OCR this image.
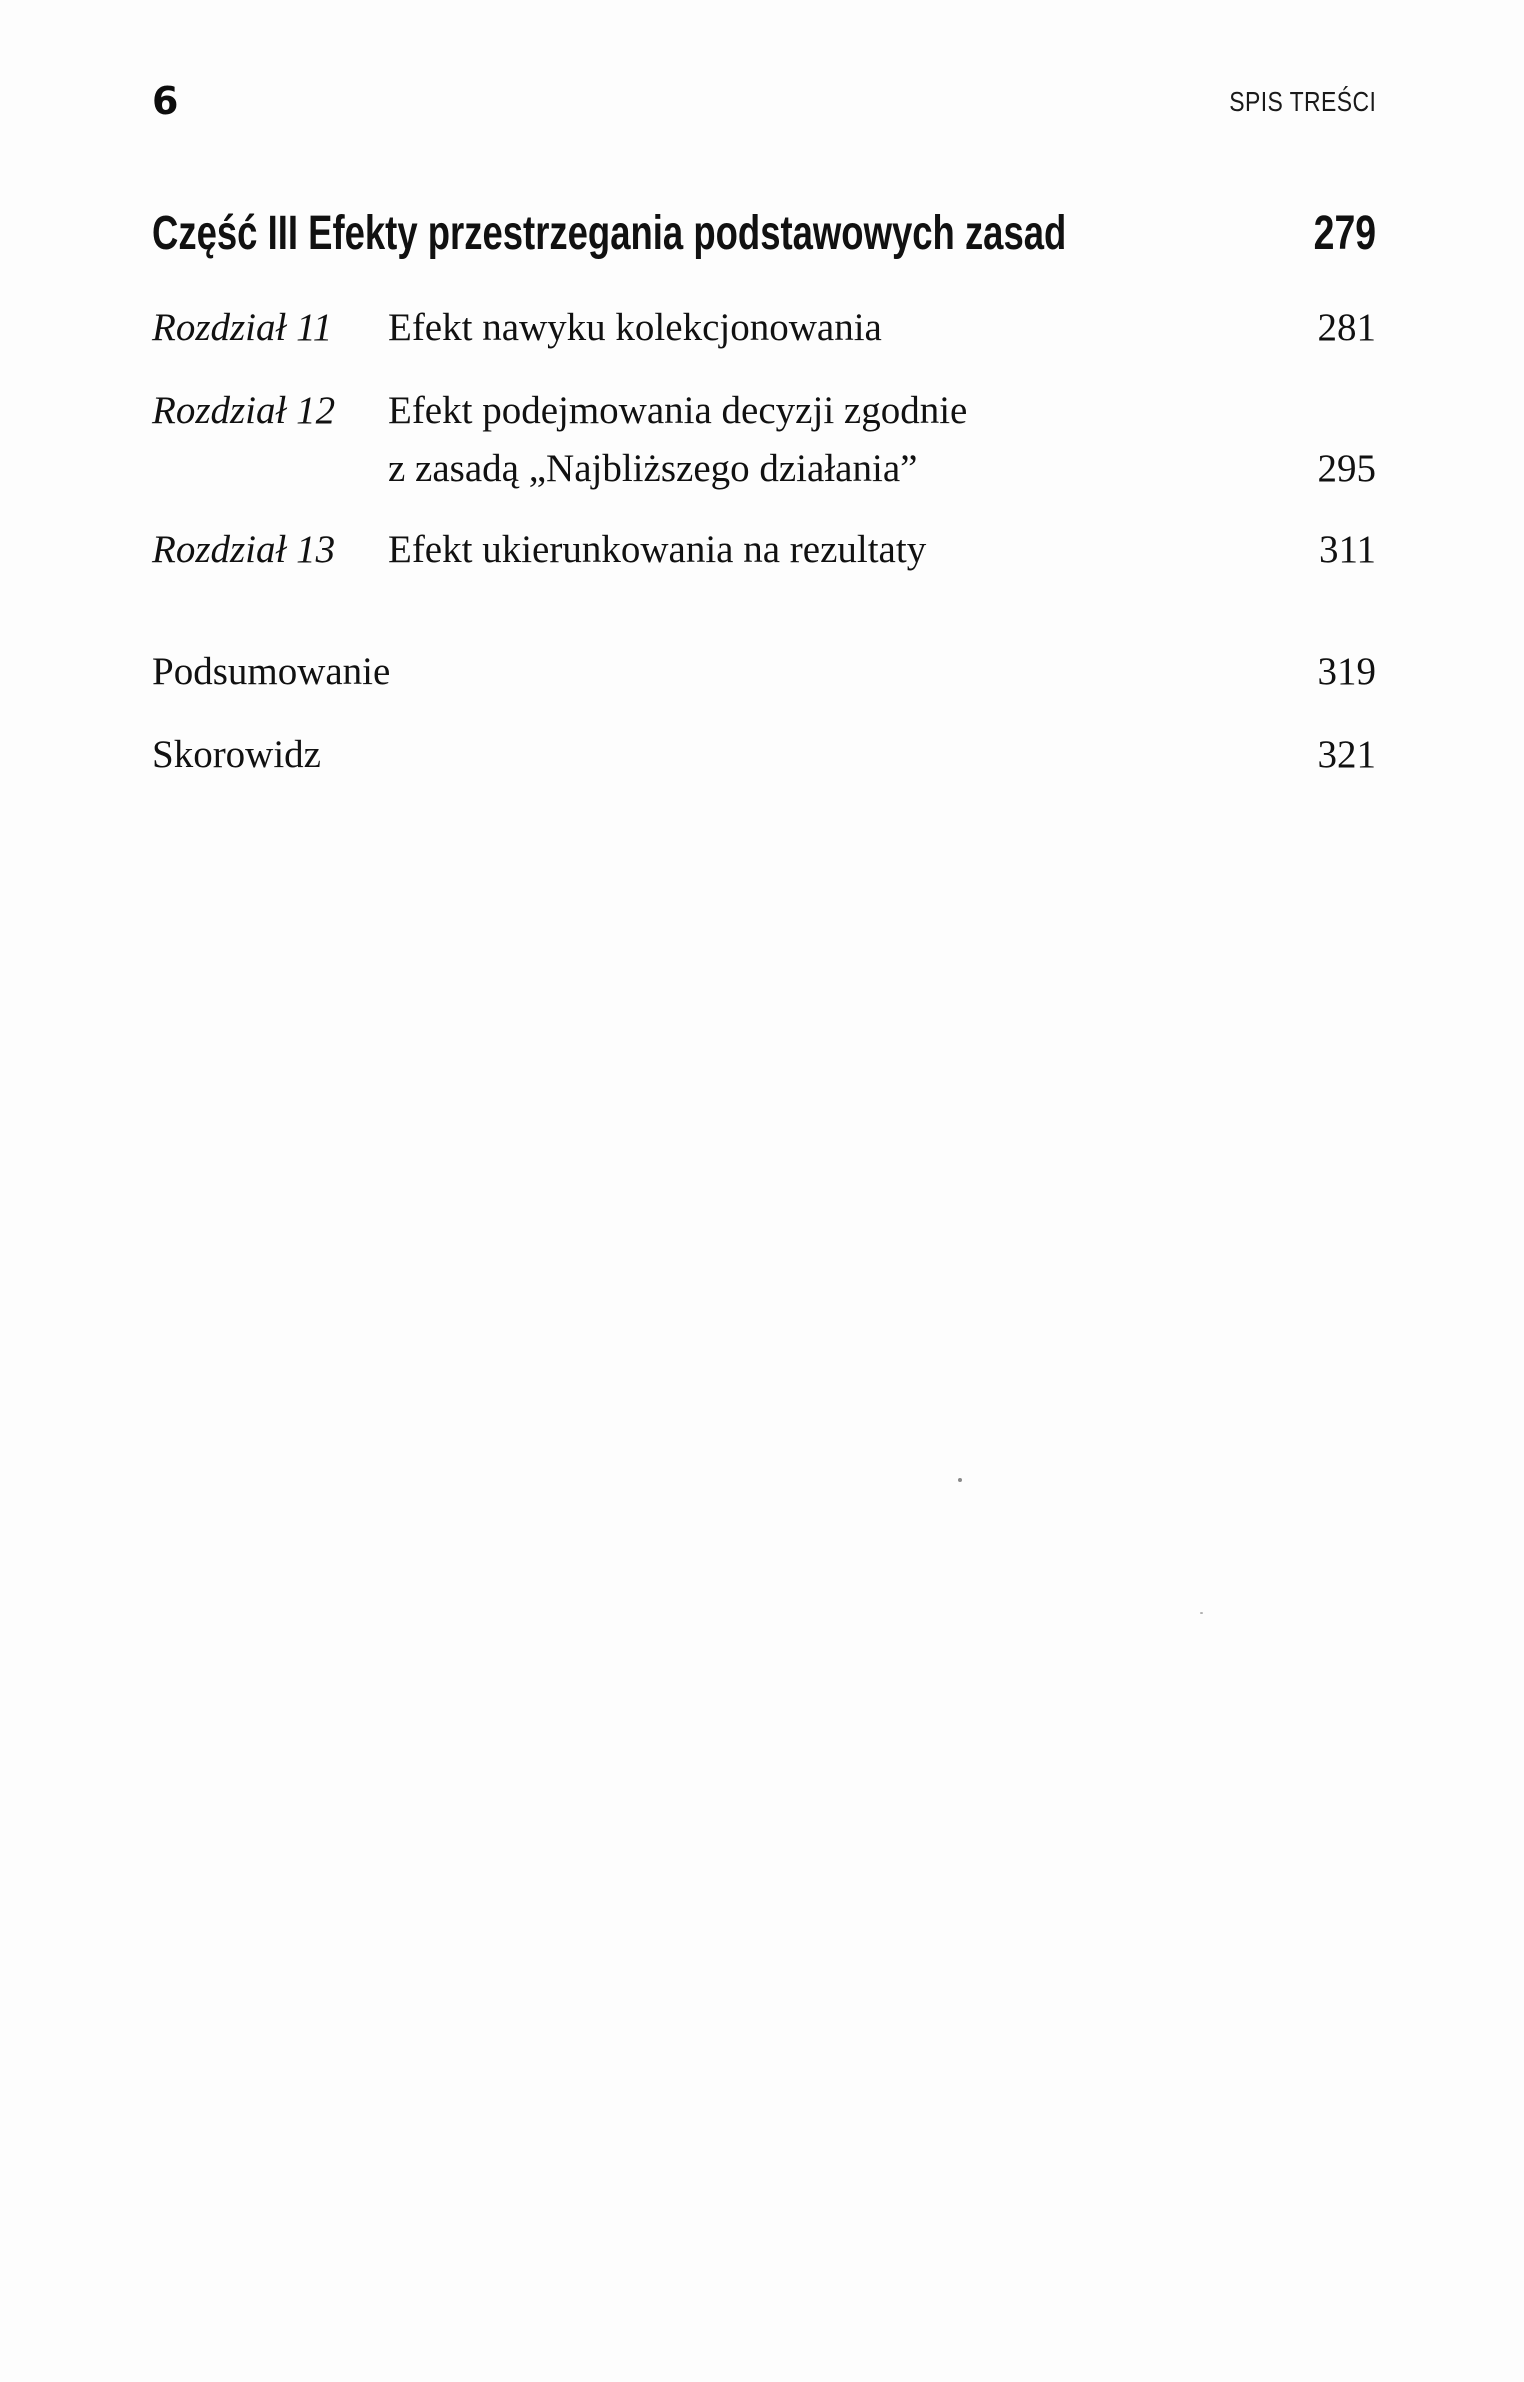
6	SPIS TREŚCI
Część III Efekty przestrzegania podstawowych zasad	279
Rozdział 11 Efekt nawyku kolekcjonowania	281
Rozdział 12 Efekt podejmowania decyzji zgodnie
z zasadą „Najbliższego działania”	295
Rozdział 13 Efekt ukierunkowania na rezultaty	311
Podsumowanie	319
Skorowidz	321
